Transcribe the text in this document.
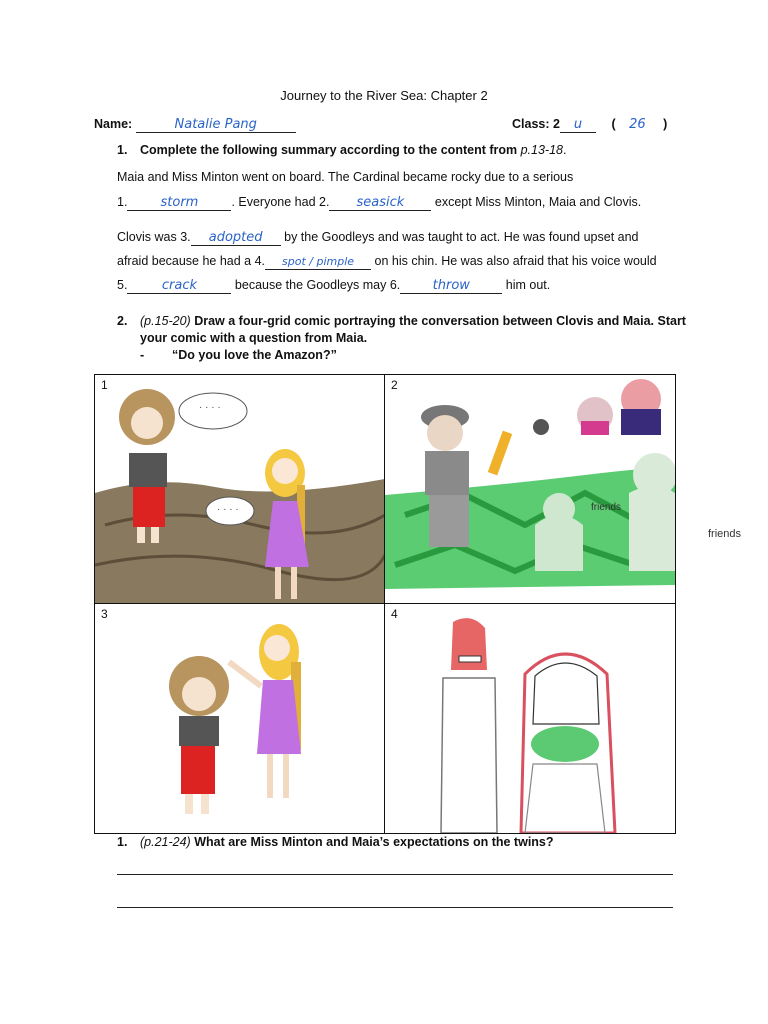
Journey to the River Sea: Chapter 2
Name:	Natalie Pang	Class: 2 u ( 26 )
1. Complete the following summary according to the content from p.13-18.
Maia and Miss Minton went on board. The Cardinal became rocky due to a serious
1.	storm	. Everyone had 2. seasick except Miss Minton, Maia and Clovis.
Clovis was 3. adopted by the Goodleys and was taught to act. He was found upset and
afraid because he had a 4. spot / pimple on his chin. He was also afraid that his voice would
5.	crack	because the Goodleys may 6. throw	him out.
2. (p.15-20) Draw a four-grid comic portraying the conversation between Clovis and Maia. Start
your comic with a question from Maia.
- “Do you love the Amazon?”
1
· · · ·
· · · ·
2
friends
3	4
friends
1. (p.21-24) What are Miss Minton and Maia’s expectations on the twins?
